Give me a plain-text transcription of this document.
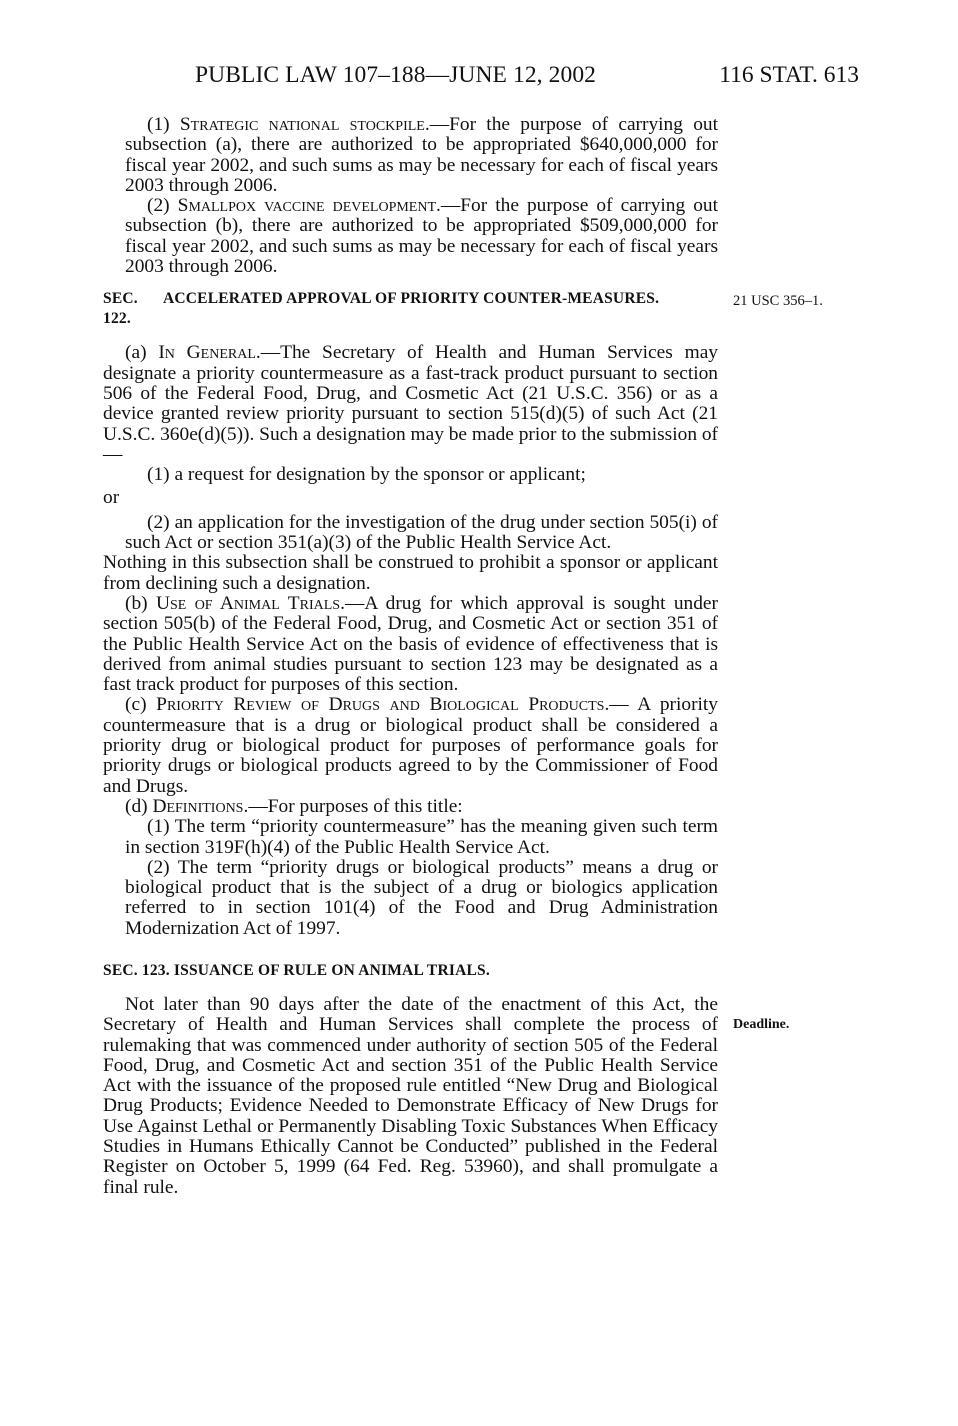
PUBLIC LAW 107–188—JUNE 12, 2002	116 STAT. 613

(1) Strategic national stockpile.—For the purpose of carrying out subsection (a), there are authorized to be appropriated $640,000,000 for fiscal year 2002, and such sums as may be necessary for each of fiscal years 2003 through 2006.

(2) Smallpox vaccine development.—For the purpose of carrying out subsection (b), there are authorized to be appropriated $509,000,000 for fiscal year 2002, and such sums as may be necessary for each of fiscal years 2003 through 2006.

SEC. 122.
ACCELERATED APPROVAL OF PRIORITY COUNTER-MEASURES.

(a) In General.—The Secretary of Health and Human Services may designate a priority countermeasure as a fast-track product pursuant to section 506 of the Federal Food, Drug, and Cosmetic Act (21 U.S.C. 356) or as a device granted review priority pursuant to section 515(d)(5) of such Act (21 U.S.C. 360e(d)(5)). Such a designation may be made prior to the submission of—

(1) a request for designation by the sponsor or applicant;

or

(2) an application for the investigation of the drug under section 505(i) of such Act or section 351(a)(3) of the Public Health Service Act.

Nothing in this subsection shall be construed to prohibit a sponsor or applicant from declining such a designation.

(b) Use of Animal Trials.—A drug for which approval is sought under section 505(b) of the Federal Food, Drug, and Cosmetic Act or section 351 of the Public Health Service Act on the basis of evidence of effectiveness that is derived from animal studies pursuant to section 123 may be designated as a fast track product for purposes of this section.

(c) Priority Review of Drugs and Biological Products.— A priority countermeasure that is a drug or biological product shall be considered a priority drug or biological product for purposes of performance goals for priority drugs or biological products agreed to by the Commissioner of Food and Drugs.

(d) Definitions.—For purposes of this title:

(1) The term “priority countermeasure” has the meaning given such term in section 319F(h)(4) of the Public Health Service Act.

(2) The term “priority drugs or biological products” means a drug or biological product that is the subject of a drug or biologics application referred to in section 101(4) of the Food and Drug Administration Modernization Act of 1997.

SEC. 123. ISSUANCE OF RULE ON ANIMAL TRIALS.

Not later than 90 days after the date of the enactment of this Act, the Secretary of Health and Human Services shall complete the process of rulemaking that was commenced under authority of section 505 of the Federal Food, Drug, and Cosmetic Act and section 351 of the Public Health Service Act with the issuance of the proposed rule entitled “New Drug and Biological Drug Products; Evidence Needed to Demonstrate Efficacy of New Drugs for Use Against Lethal or Permanently Disabling Toxic Substances When Efficacy Studies in Humans Ethically Cannot be Conducted” published in the Federal Register on October 5, 1999 (64 Fed. Reg. 53960), and shall promulgate a final rule.

21 USC 356–1.
Deadline.
